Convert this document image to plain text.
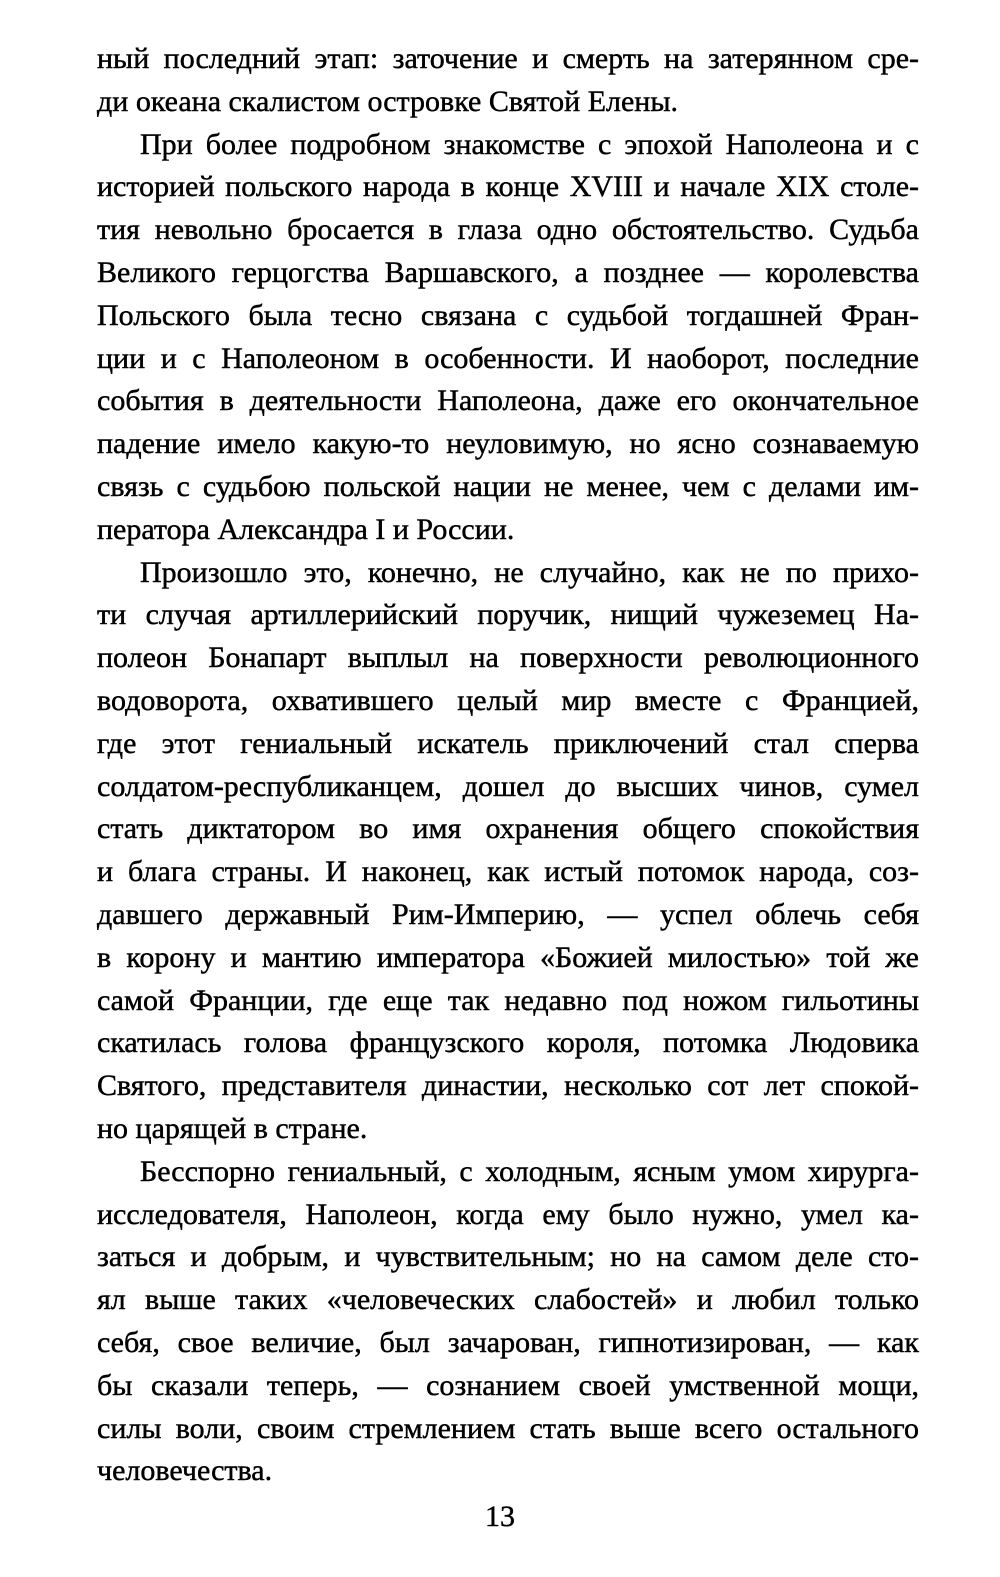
ный последний этап: заточение и смерть на затерянном сре-
ди океана скалистом островке Святой Елены.
При более подробном знакомстве с эпохой Наполеона и с
историей польского народа в конце XVIII и начале XIX столе-
тия невольно бросается в глаза одно обстоятельство. Судьба
Великого герцогства Варшавского, а позднее — королевства
Польского была тесно связана с судьбой тогдашней Фран-
ции и с Наполеоном в особенности. И наоборот, последние
события в деятельности Наполеона, даже его окончательное
падение имело какую-то неуловимую, но ясно сознаваемую
связь с судьбою польской нации не менее, чем с делами им-
ператора Александра I и России.
Произошло это, конечно, не случайно, как не по прихо-
ти случая артиллерийский поручик, нищий чужеземец На-
полеон Бонапарт выплыл на поверхности революционного
водоворота, охватившего целый мир вместе с Францией,
где этот гениальный искатель приключений стал сперва
солдатом-республиканцем, дошел до высших чинов, сумел
стать диктатором во имя охранения общего спокойствия
и блага страны. И наконец, как истый потомок народа, соз-
давшего державный Рим-Империю, — успел облечь себя
в корону и мантию императора «Божией милостью» той же
самой Франции, где еще так недавно под ножом гильотины
скатилась голова французского короля, потомка Людовика
Святого, представителя династии, несколько сот лет спокой-
но царящей в стране.
Бесспорно гениальный, с холодным, ясным умом хирурга-
исследователя, Наполеон, когда ему было нужно, умел ка-
заться и добрым, и чувствительным; но на самом деле сто-
ял выше таких «человеческих слабостей» и любил только
себя, свое величие, был зачарован, гипнотизирован, — как
бы сказали теперь, — сознанием своей умственной мощи,
силы воли, своим стремлением стать выше всего остального
человечества.
13
